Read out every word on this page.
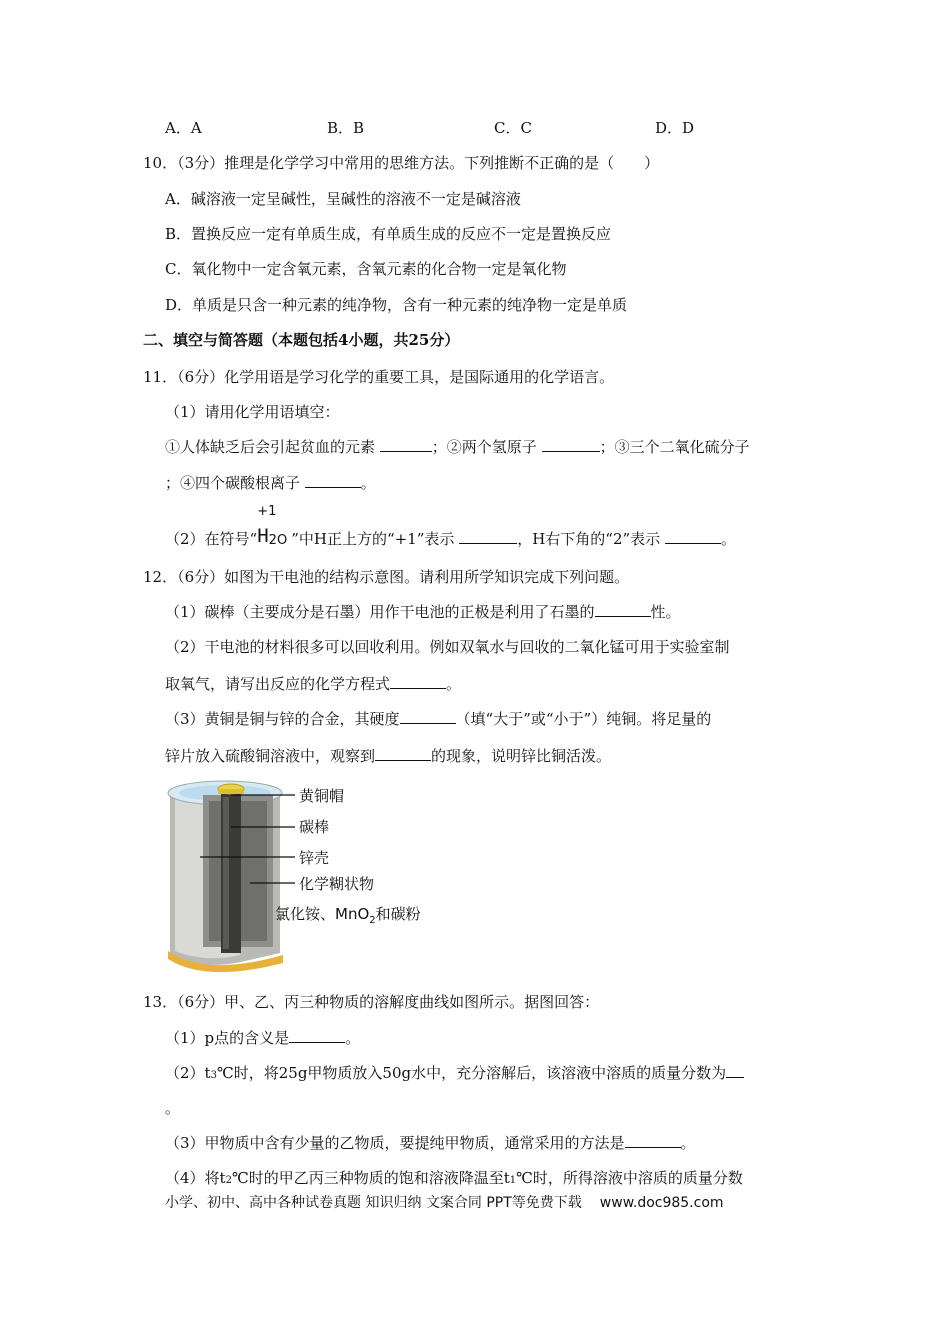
A．A	B．B	C．C	D．D
10．（3分）推理是化学学习中常用的思维方法。下列推断不正确的是（　　）
A．碱溶液一定呈碱性，呈碱性的溶液不一定是碱溶液
B．置换反应一定有单质生成，有单质生成的反应不一定是置换反应
C．氧化物中一定含氧元素，含氧元素的化合物一定是氧化物
D．单质是只含一种元素的纯净物，含有一种元素的纯净物一定是单质
二、填空与简答题（本题包括4小题，共25分）
11．（6分）化学用语是学习化学的重要工具，是国际通用的化学语言。
（1）请用化学用语填空：
①人体缺乏后会引起贫血的元素	；②两个氢原子	；③三个二氧化硫分子
；④四个碳酸根离子	。
（2）在符号“
+1
H2O ”中H正上方的“+1”表示	，H右下角的“2”表示	。
12．（6分）如图为干电池的结构示意图。请利用所学知识完成下列问题。
（1）碳棒（主要成分是石墨）用作干电池的正极是利用了石墨的	性。
（2）干电池的材料很多可以回收利用。例如双氧水与回收的二氧化锰可用于实验室制
取氧气，请写出反应的化学方程式	。
（3）黄铜是铜与锌的合金，其硬度	（填“大于”或“小于”）纯铜。将足量的
锌片放入硫酸铜溶液中，观察到	的现象，说明锌比铜活泼。
黄铜帽
碳棒
锌壳
化学糊状物
氯化铵、MnO$_2$和碳粉
13．（6分）甲、乙、丙三种物质的溶解度曲线如图所示。据图回答：
（1）p点的含义是	。
（2）t3℃时，将25g甲物质放入50g水中，充分溶解后，该溶液中溶质的质量分数为
。
（3）甲物质中含有少量的乙物质，要提纯甲物质，通常采用的方法是	。
（4）将t2℃时的甲乙丙三种物质的饱和溶液降温至t1℃时，所得溶液中溶质的质量分数
小学、初中、高中各种试卷真题 知识归纳 文案合同 PPT等免费下载 www.doc985.com
